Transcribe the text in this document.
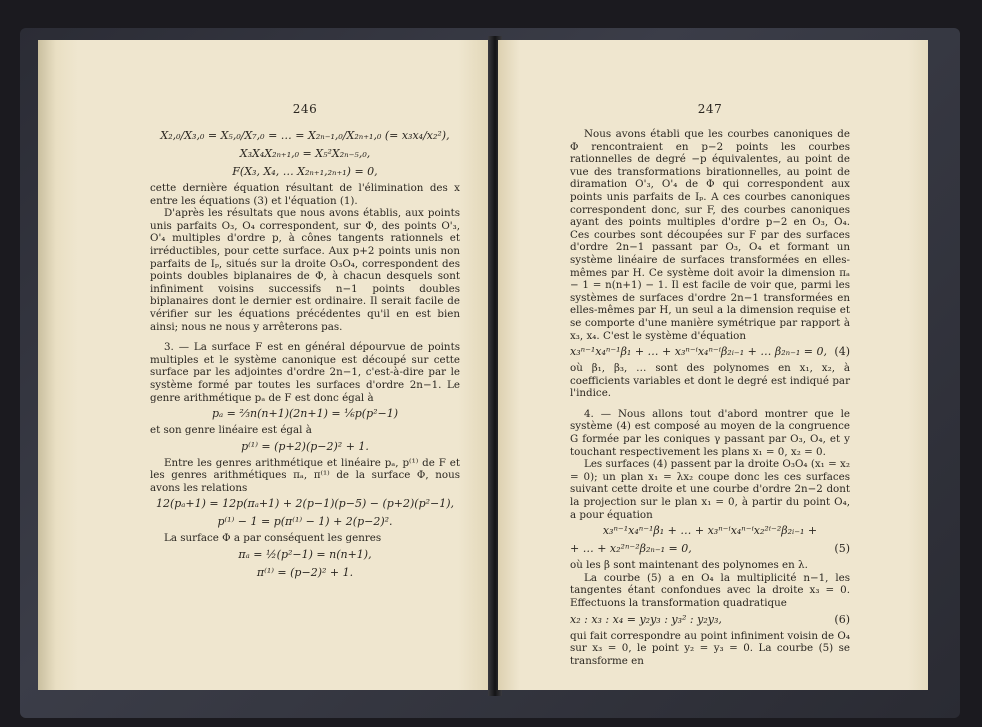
246
X₂,₀/X₃,₀ = X₅,₀/X₇,₀ = … = X₂ₙ₋₁,₀/X₂ₙ₊₁,₀ (= x₃x₄/x₂²),
X₃X₄X₂ₙ₊₁,₀ = X₅²X₂ₙ₋₅,₀,
F(X₃, X₄, … X₂ₙ₊₁,₂ₙ₊₁) = 0,

cette dernière équation résultant de l'élimination des x entre les équations (3) et l'équation (1).

D'après les résultats que nous avons établis, aux points unis parfaits O₃, O₄ correspondent, sur Φ, des points O'₃, O'₄ multiples d'ordre p, à cônes tangents rationnels et irréductibles, pour cette surface. Aux p+2 points unis non parfaits de Iₚ, situés sur la droite O₃O₄, correspondent des points doubles biplanaires de Φ, à chacun desquels sont infiniment voisins successifs n−1 points doubles biplanaires dont le dernier est ordinaire. Il serait facile de vérifier sur les équations précédentes qu'il en est bien ainsi; nous ne nous y arrêterons pas.

3. — La surface F est en général dépourvue de points multiples et le système canonique est découpé sur cette surface par les adjointes d'ordre 2n−1, c'est-à-dire par le système formé par toutes les surfaces d'ordre 2n−1. Le genre arithmétique pₐ de F est donc égal à

pₐ = ⅔n(n+1)(2n+1) = ⅙p(p²−1)

et son genre linéaire est égal à

p⁽¹⁾ = (p+2)(p−2)² + 1.

Entre les genres arithmétique et linéaire pₐ, p⁽¹⁾ de F et les genres arithmétiques πₐ, π⁽¹⁾ de la surface Φ, nous avons les relations

12(pₐ+1) = 12p(πₐ+1) + 2(p−1)(p−5) − (p+2)(p²−1),
p⁽¹⁾ − 1 = p(π⁽¹⁾ − 1) + 2(p−2)².

La surface Φ a par conséquent les genres

πₐ = ½(p²−1) = n(n+1),
π⁽¹⁾ = (p−2)² + 1.
247

Nous avons établi que les courbes canoniques de Φ rencontraient en p−2 points les courbes rationnelles de degré −p équivalentes, au point de vue des transformations birationnelles, au point de diramation O'₃, O'₄ de Φ qui correspondent aux points unis parfaits de Iₚ. A ces courbes canoniques correspondent donc, sur F, des courbes canoniques ayant des points multiples d'ordre p−2 en O₃, O₄. Ces courbes sont découpées sur F par des surfaces d'ordre 2n−1 passant par O₃, O₄ et formant un système linéaire de surfaces transformées en elles-mêmes par H. Ce système doit avoir la dimension πₐ − 1 = n(n+1) − 1. Il est facile de voir que, parmi les systèmes de surfaces d'ordre 2n−1 transformées en elles-mêmes par H, un seul a la dimension requise et se comporte d'une manière symétrique par rapport à x₃, x₄. C'est le système d'équation

(4)
x₃ⁿ⁻¹x₄ⁿ⁻¹β₁ + … + x₃ⁿ⁻ⁱx₄ⁿ⁻ⁱβ₂ᵢ₋₁ + … β₂ₙ₋₁ = 0,

où β₁, β₃, … sont des polynomes en x₁, x₂, à coefficients variables et dont le degré est indiqué par l'indice.

4. — Nous allons tout d'abord montrer que le système (4) est composé au moyen de la congruence G formée par les coniques γ passant par O₃, O₄, et y touchant respectivement les plans x₁ = 0, x₂ = 0.

Les surfaces (4) passent par la droite O₃O₄ (x₁ = x₂ = 0); un plan x₁ = λx₂ coupe donc les ces surfaces suivant cette droite et une courbe d'ordre 2n−2 dont la projection sur le plan x₁ = 0, à partir du point O₄, a pour équation

x₃ⁿ⁻¹x₄ⁿ⁻¹β₁ + … + x₃ⁿ⁻ⁱx₄ⁿ⁻ⁱx₂²ⁱ⁻²β₂ᵢ₋₁ +
(5)
+ … + x₂²ⁿ⁻²β₂ₙ₋₁ = 0,

où les β sont maintenant des polynomes en λ.

La courbe (5) a en O₄ la multiplicité n−1, les tangentes étant confondues avec la droite x₃ = 0. Effectuons la transformation quadratique

(6)
x₂ : x₃ : x₄ = y₂y₃ : y₃² : y₂y₃,

qui fait correspondre au point infiniment voisin de O₄ sur x₃ = 0, le point y₂ = y₃ = 0. La courbe (5) se transforme en
